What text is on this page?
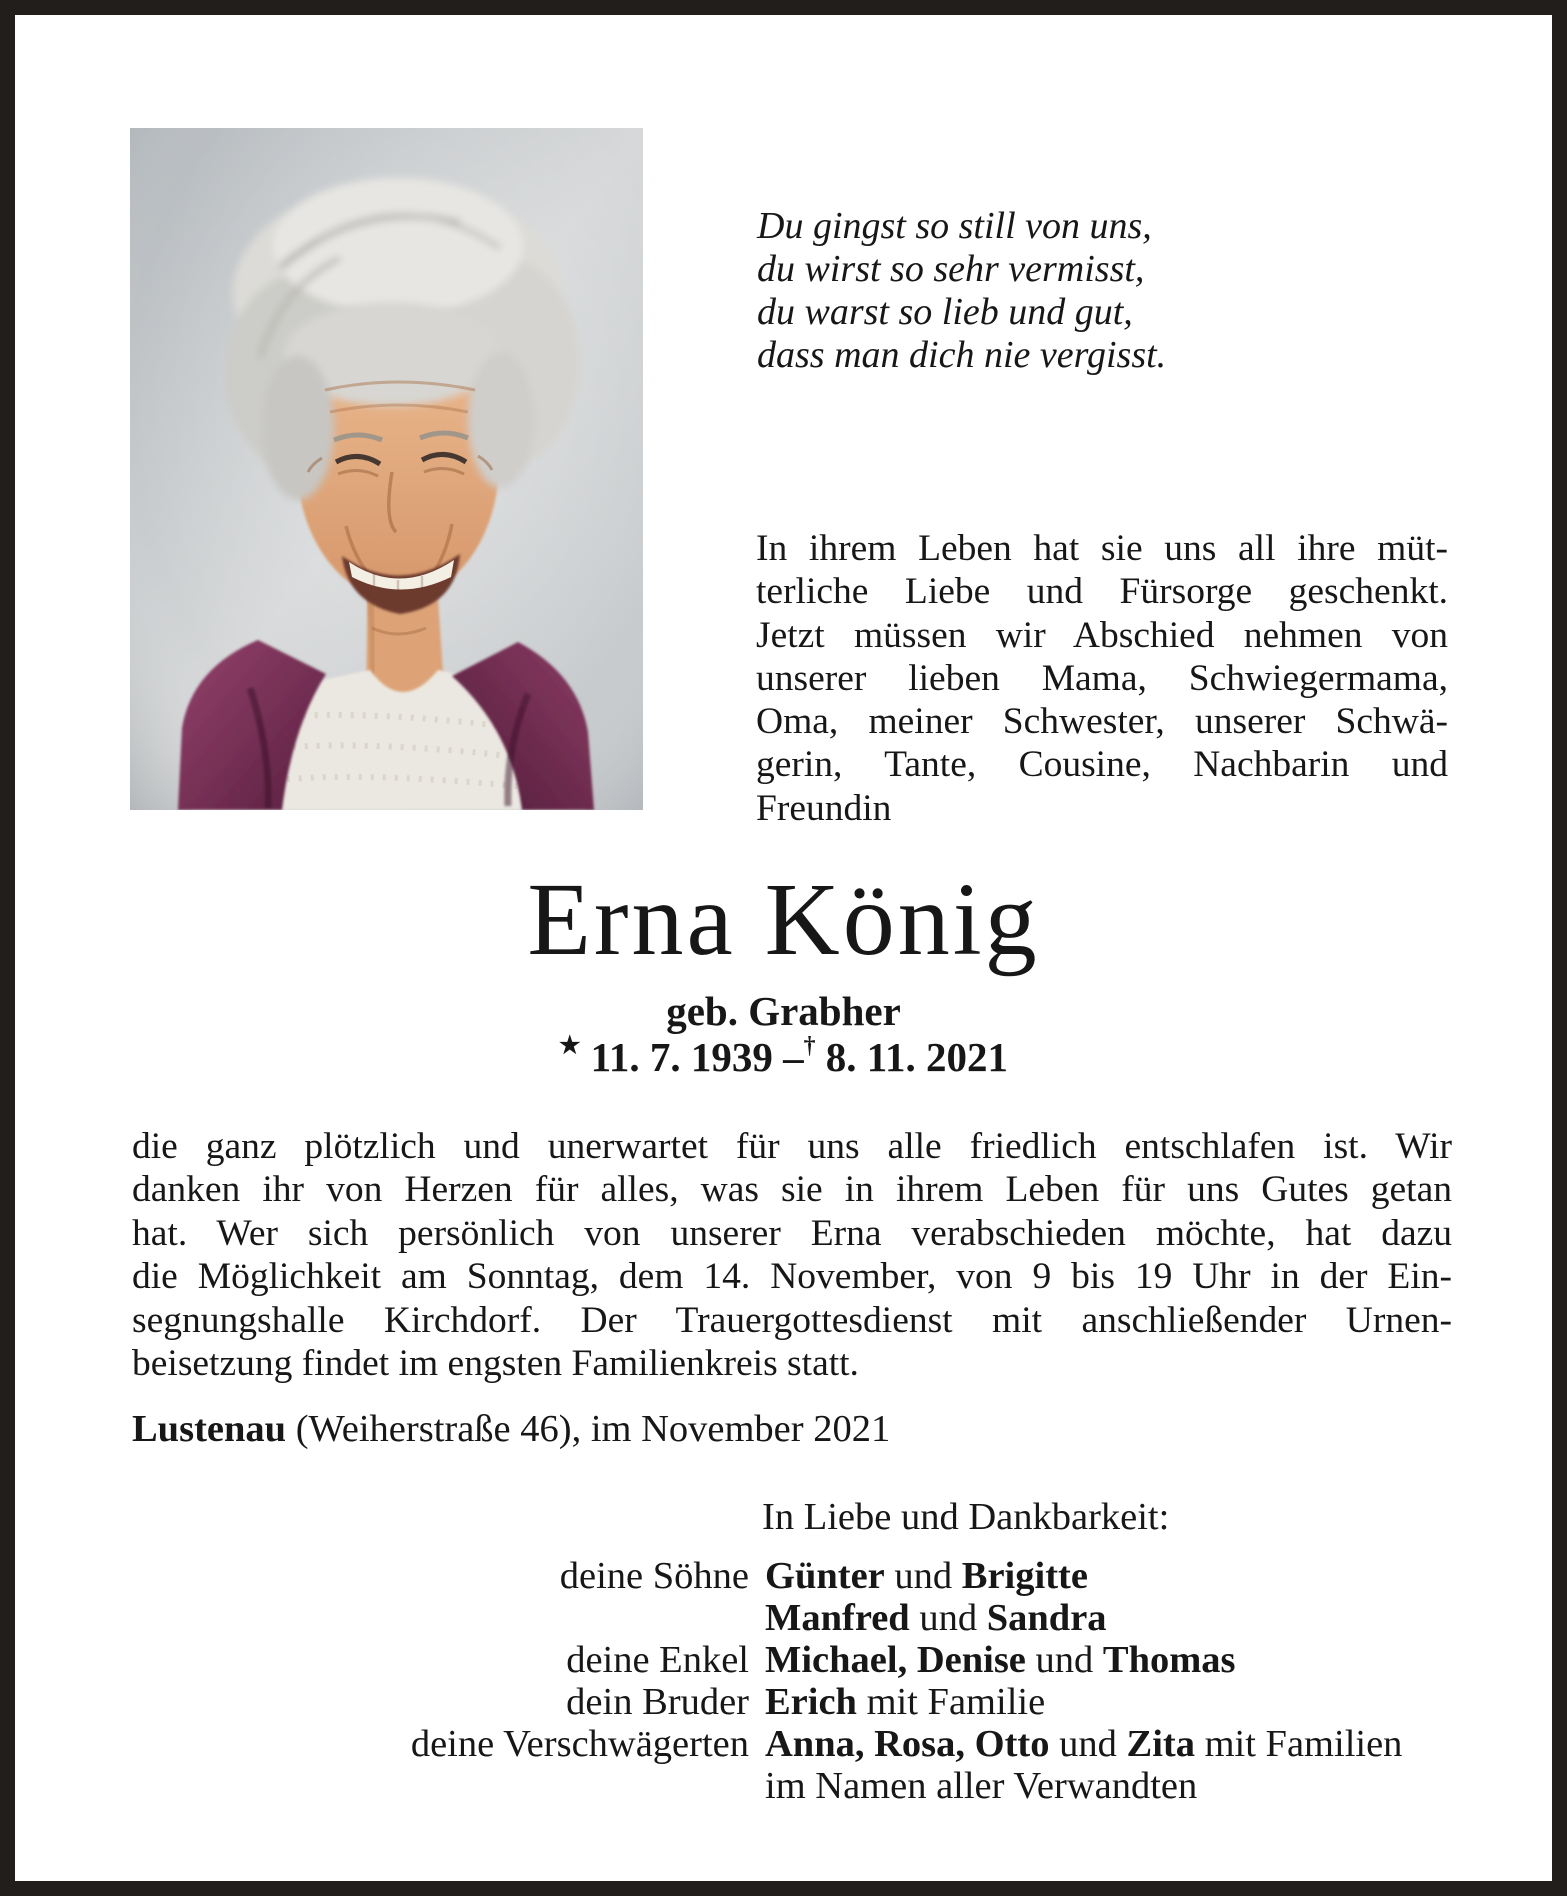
Du gingst so still von uns,
du wirst so sehr vermisst,
du warst so lieb und gut,
dass man dich nie vergisst.
In ihrem Leben hat sie uns all ihre müt-
terliche Liebe und Fürsorge geschenkt.
Jetzt müssen wir Abschied nehmen von
unserer lieben Mama, Schwiegermama,
Oma, meiner Schwester, unserer Schwä-
gerin, Tante, Cousine, Nachbarin und
Freundin
Erna König
geb. Grabher
★ 11. 7. 1939 –† 8. 11. 2021
die ganz plötzlich und unerwartet für uns alle friedlich entschlafen ist. Wir
danken ihr von Herzen für alles, was sie in ihrem Leben für uns Gutes getan
hat. Wer sich persönlich von unserer Erna verabschieden möchte, hat dazu
die Möglichkeit am Sonntag, dem 14. November, von 9 bis 19 Uhr in der Ein-
segnungshalle Kirchdorf. Der Trauergottesdienst mit anschließender Urnen-
beisetzung findet im engsten Familienkreis statt.
Lustenau (Weiherstraße 46), im November 2021
In Liebe und Dankbarkeit:
deine Söhne Günter und Brigitte
Manfred und Sandra
deine Enkel Michael, Denise und Thomas
dein Bruder Erich mit Familie
deine Verschwägerten Anna, Rosa, Otto und Zita mit Familien
im Namen aller Verwandten
